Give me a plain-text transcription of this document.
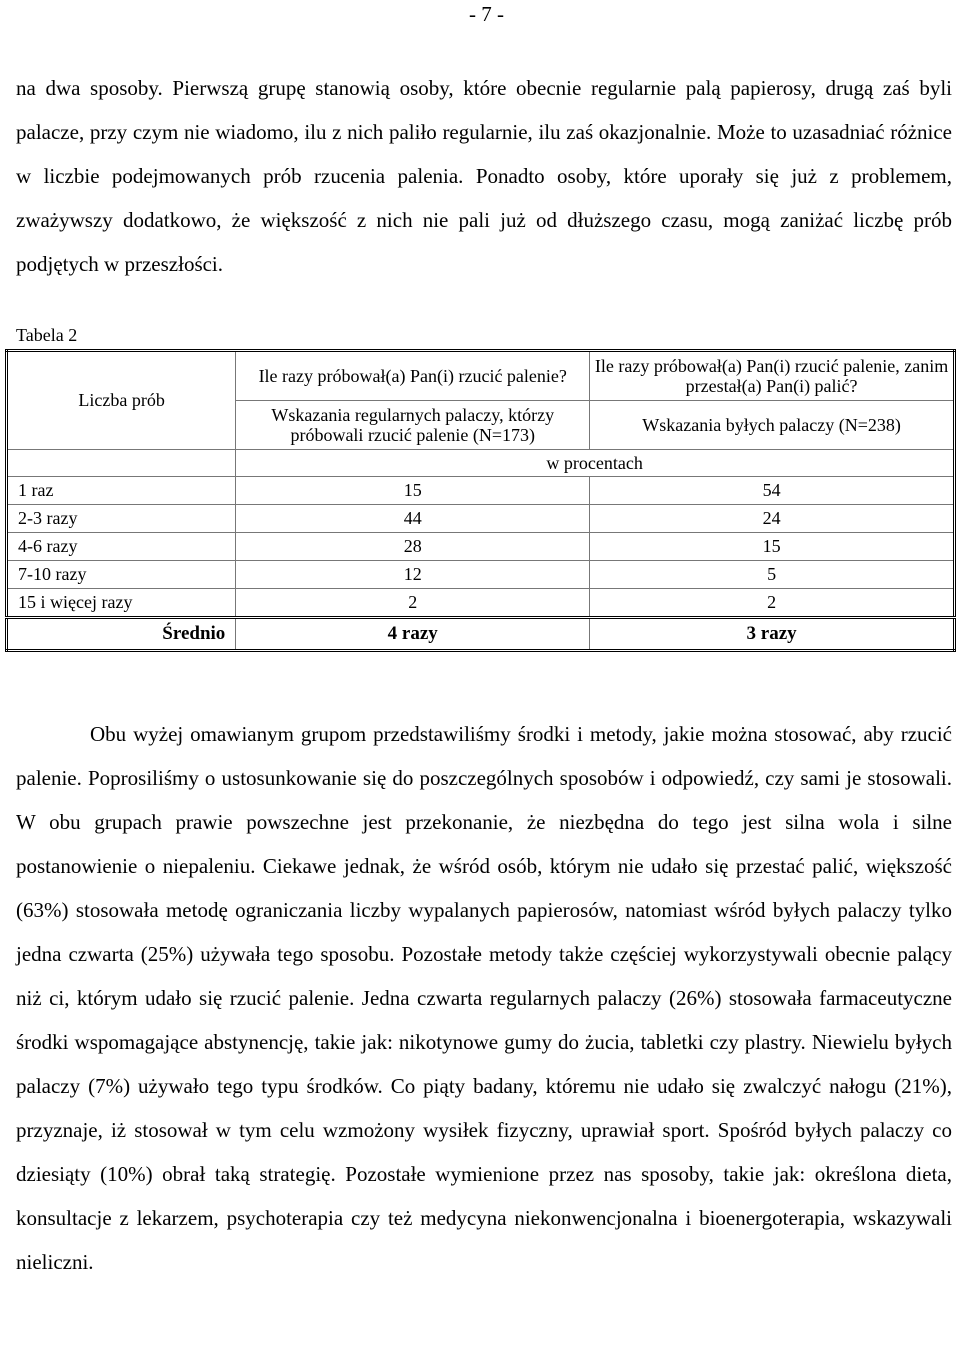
- 7 -

na dwa sposoby. Pierwszą grupę stanowią osoby, które obecnie regularnie palą papierosy, drugą zaś byli palacze, przy czym nie wiadomo, ilu z nich paliło regularnie, ilu zaś okazjonalnie. Może to uzasadniać różnice w liczbie podejmowanych prób rzucenia palenia. Ponadto osoby, które uporały się już z problemem, zważywszy dodatkowo, że większość z nich nie pali już od dłuższego czasu, mogą zaniżać liczbę prób podjętych w przeszłości.

Tabela 2
Liczba prób	Ile razy próbował(a) Pan(i) rzucić palenie?	Ile razy próbował(a) Pan(i) rzucić palenie, zanim przestał(a) Pan(i) palić?
	Wskazania regularnych palaczy, którzy próbowali rzucić palenie (N=173)	Wskazania byłych palaczy (N=238)
	w procentach	
1 raz	15	54
2-3 razy	44	24
4-6 razy	28	15
7-10 razy	12	5
15 i więcej razy	2	2
Średnio	4 razy	3 razy

Obu wyżej omawianym grupom przedstawiliśmy środki i metody, jakie można stosować, aby rzucić palenie. Poprosiliśmy o ustosunkowanie się do poszczególnych sposobów i odpowiedź, czy sami je stosowali. W obu grupach prawie powszechne jest przekonanie, że niezbędna do tego jest silna wola i silne postanowienie o niepaleniu. Ciekawe jednak, że wśród osób, którym nie udało się przestać palić, większość (63%) stosowała metodę ograniczania liczby wypalanych papierosów, natomiast wśród byłych palaczy tylko jedna czwarta (25%) używała tego sposobu. Pozostałe metody także częściej wykorzystywali obecnie palący niż ci, którym udało się rzucić palenie. Jedna czwarta regularnych palaczy (26%) stosowała farmaceutyczne środki wspomagające abstynencję, takie jak: nikotynowe gumy do żucia, tabletki czy plastry. Niewielu byłych palaczy (7%) używało tego typu środków. Co piąty badany, któremu nie udało się zwalczyć nałogu (21%), przyznaje, iż stosował w tym celu wzmożony wysiłek fizyczny, uprawiał sport. Spośród byłych palaczy co dziesiąty (10%) obrał taką strategię. Pozostałe wymienione przez nas sposoby, takie jak: określona dieta, konsultacje z lekarzem, psychoterapia czy też medycyna niekonwencjonalna i bioenergoterapia, wskazywali nieliczni.
